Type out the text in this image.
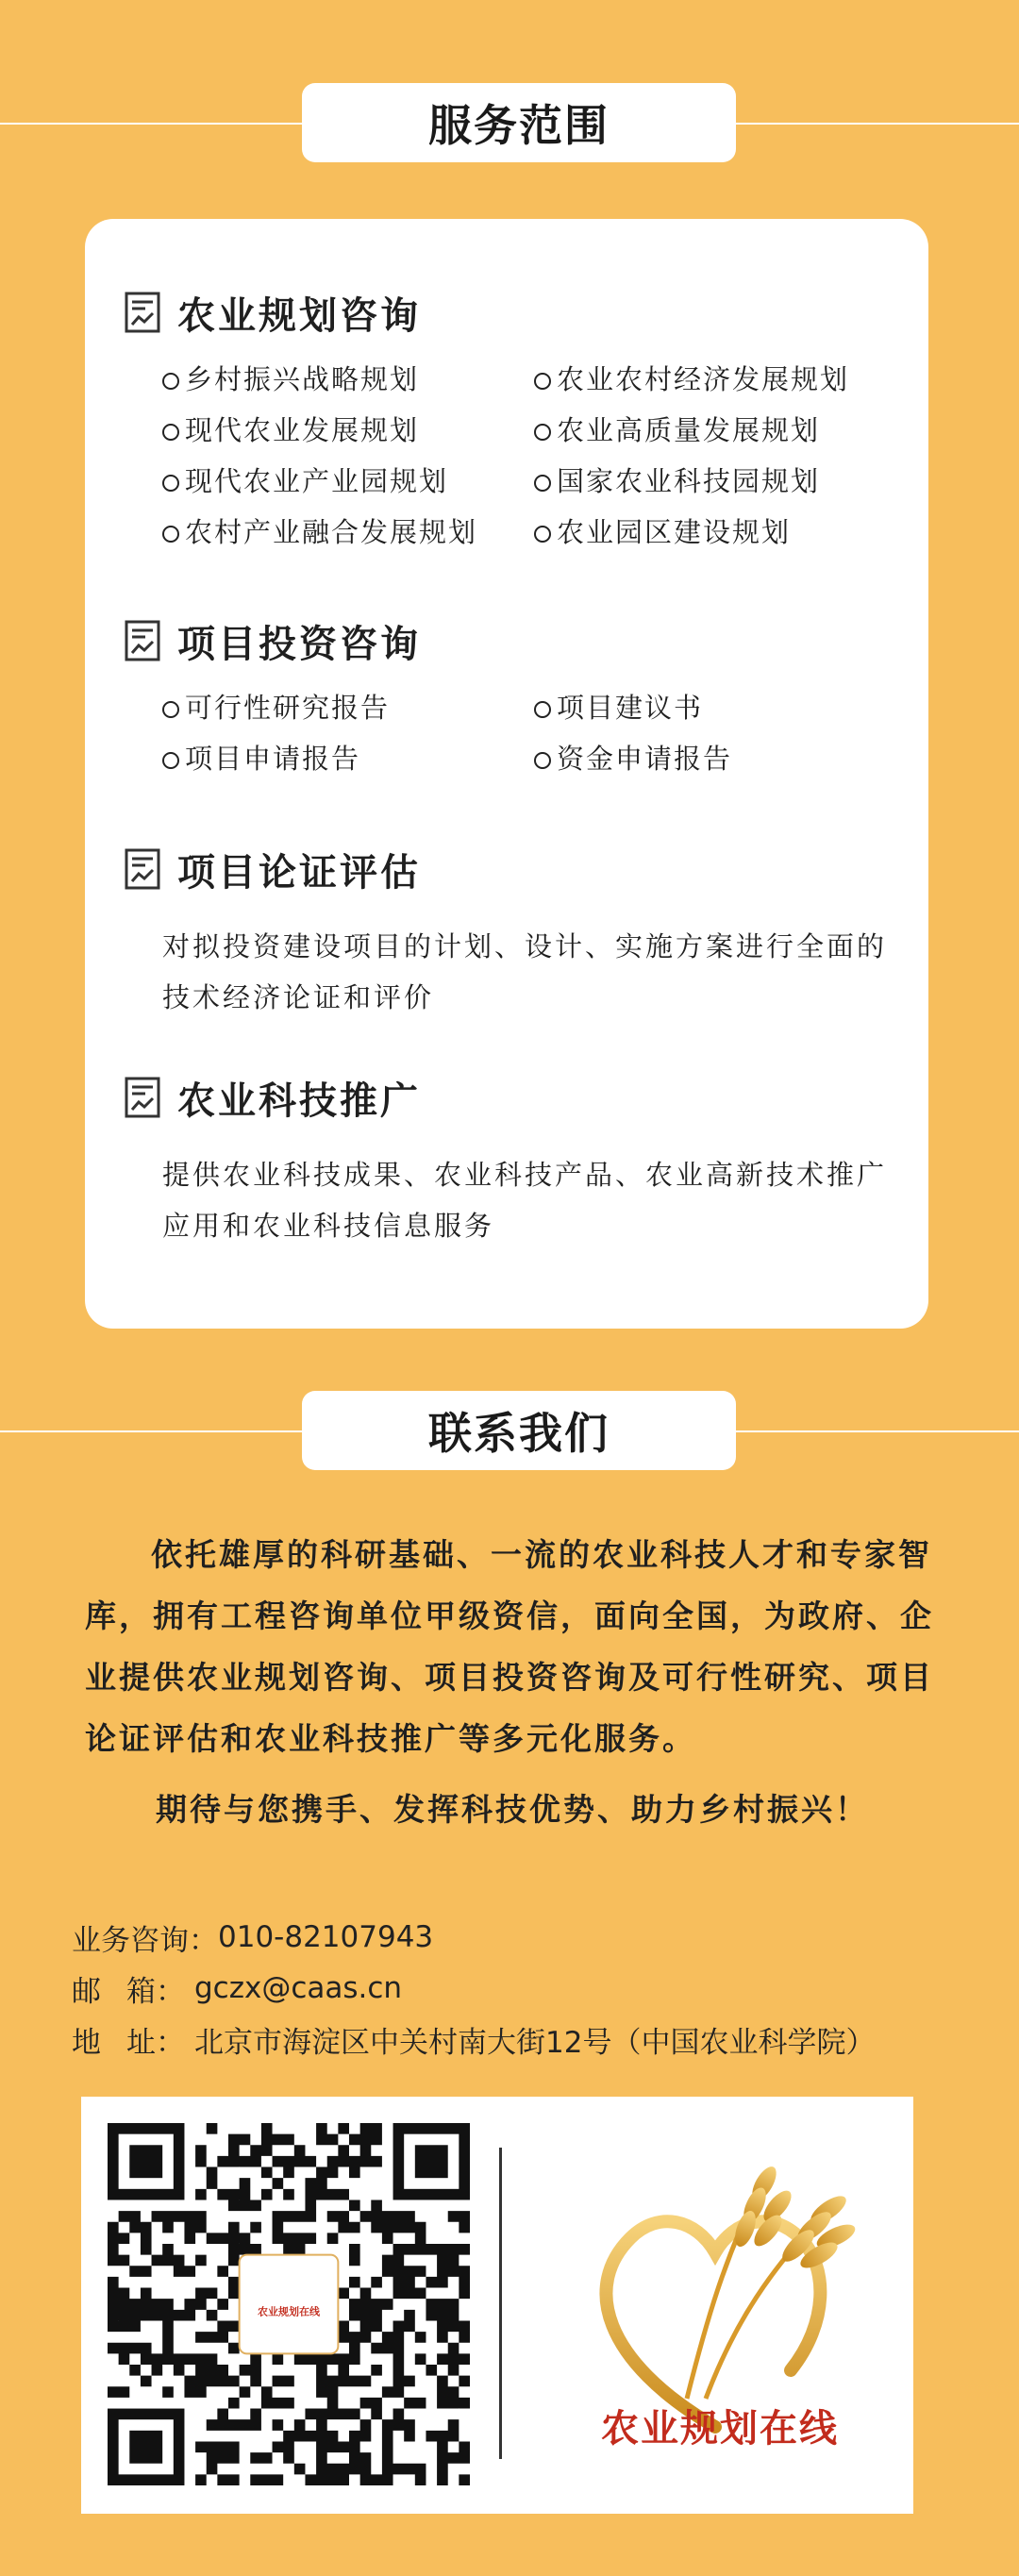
服务范围
农业规划咨询
乡村振兴战略规划	农业农村经济发展规划
现代农业发展规划	农业高质量发展规划
现代农业产业园规划	国家农业科技园规划
农村产业融合发展规划	农业园区建设规划
项目投资咨询
可行性研究报告	项目建议书
项目申请报告	资金申请报告
项目论证评估
对拟投资建设项目的计划、设计、实施方案进行全面的技术经济论证和评价
农业科技推广
提供农业科技成果、农业科技产品、农业高新技术推广应用和农业科技信息服务
联系我们

依托雄厚的科研基础、一流的农业科技人才和专家智库，拥有工程咨询单位甲级资信，面向全国，为政府、企业提供农业规划咨询、项目投资咨询及可行性研究、项目论证评估和农业科技推广等多元化服务。

期待与您携手、发挥科技优势、助力乡村振兴！
业务咨询： 010-82107943
邮 箱： gczx@caas.cn
地 址： 北京市海淀区中关村南大街12号（中国农业科学院）
农业规划在线
农业规划在线
